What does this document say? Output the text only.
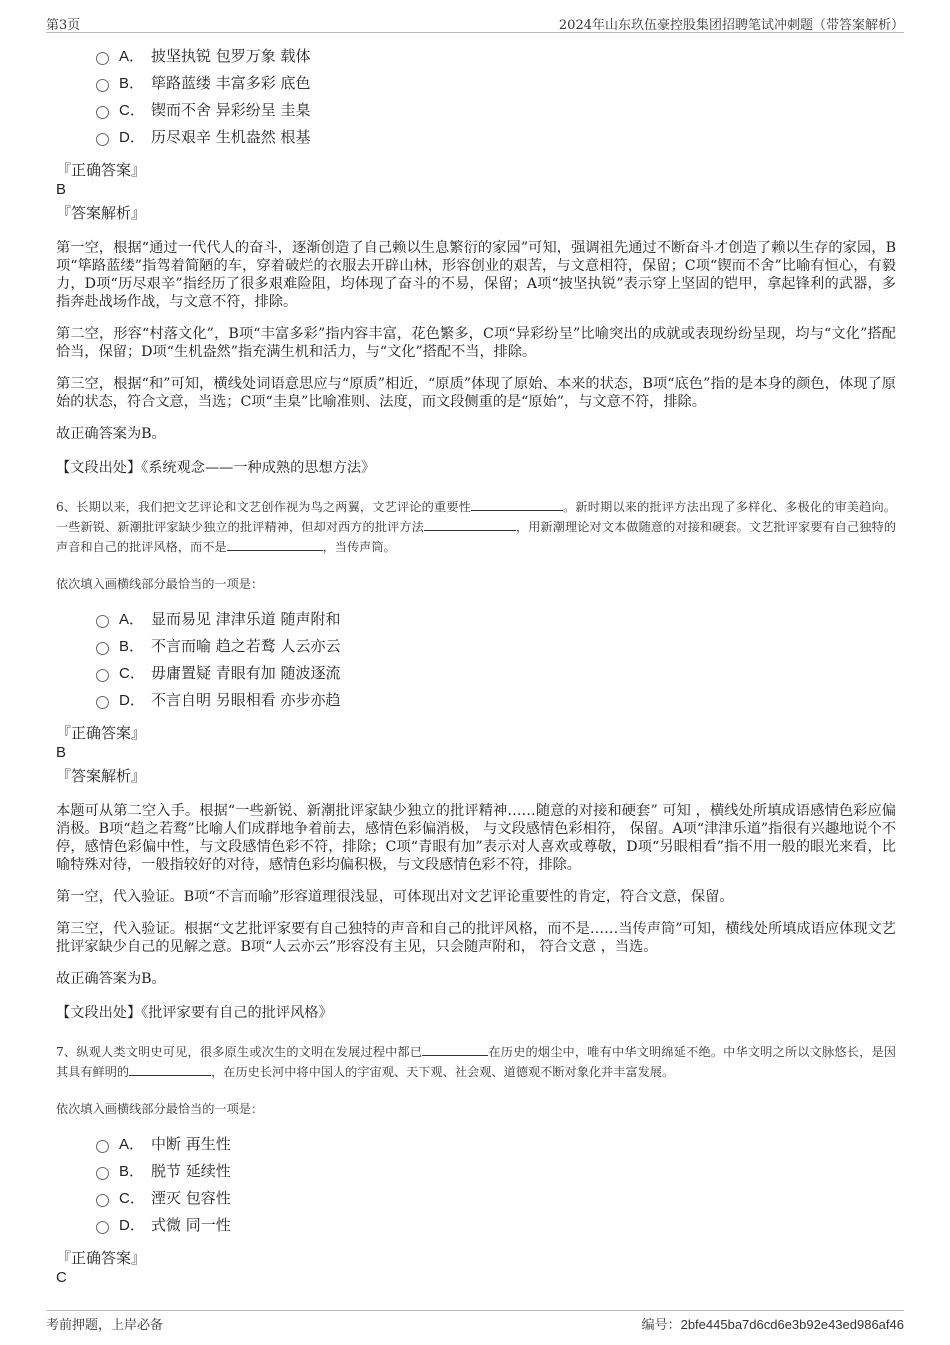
第3页	2024年山东玖伍豪控股集团招聘笔试冲刺题（带答案解析）
A． 披坚执锐 包罗万象 载体
B． 筚路蓝缕 丰富多彩 底色
C． 锲而不舍 异彩纷呈 圭臬
D． 历尽艰辛 生机盎然 根基
『正确答案』
B
『答案解析』
第一空，根据“通过一代代人的奋斗，逐渐创造了自己赖以生息繁衍的家园”可知，强调祖先通过不断奋斗才创造了赖以生存的家园，B项“筚路蓝缕”指驾着简陋的车，穿着破烂的衣服去开辟山林，形容创业的艰苦，与文意相符，保留；C项“锲而不舍”比喻有恒心，有毅力，D项“历尽艰辛”指经历了很多艰难险阻，均体现了奋斗的不易，保留；A项“披坚执锐”表示穿上坚固的铠甲，拿起锋利的武器，多指奔赴战场作战，与文意不符，排除。
第二空，形容“村落文化”，B项“丰富多彩”指内容丰富，花色繁多，C项“异彩纷呈”比喻突出的成就或表现纷纷呈现，均与“文化”搭配恰当，保留；D项“生机盎然”指充满生机和活力，与“文化”搭配不当，排除。
第三空，根据“和”可知，横线处词语意思应与“原质”相近，“原质”体现了原始、本来的状态，B项“底色”指的是本身的颜色，体现了原始的状态，符合文意，当选；C项“圭臬”比喻准则、法度，而文段侧重的是“原始”，与文意不符，排除。
故正确答案为B。
【文段出处】《系统观念——一种成熟的思想方法》
6、长期以来，我们把文艺评论和文艺创作视为鸟之两翼，文艺评论的重要性	。新时期以来的批评方法出现了多样化、多极化的审美趋向。一些新锐、新潮批评家缺少独立的批评精神，但却对西方的批评方法	，用新潮理论对文本做随意的对接和硬套。文艺批评家要有自己独特的声音和自己的批评风格，而不是	，当传声筒。
依次填入画横线部分最恰当的一项是：
A． 显而易见 津津乐道 随声附和
B． 不言而喻 趋之若鹜 人云亦云
C． 毋庸置疑 青眼有加 随波逐流
D． 不言自明 另眼相看 亦步亦趋
『正确答案』
B
『答案解析』
本题可从第二空入手。根据“一些新锐、新潮批评家缺少独立的批评精神……随意的对接和硬套” 可知 ，横线处所填成语感情色彩应偏消极。B项“趋之若鹜”比喻人们成群地争着前去，感情色彩偏消极， 与文段感情色彩相符， 保留。A项“津津乐道”指很有兴趣地说个不停，感情色彩偏中性，与文段感情色彩不符，排除；C项“青眼有加”表示对人喜欢或尊敬，D项“另眼相看”指不用一般的眼光来看，比喻特殊对待，一般指较好的对待，感情色彩均偏积极，与文段感情色彩不符，排除。
第一空，代入验证。B项“不言而喻”形容道理很浅显，可体现出对文艺评论重要性的肯定，符合文意，保留。
第三空，代入验证。根据“文艺批评家要有自己独特的声音和自己的批评风格，而不是……当传声筒”可知，横线处所填成语应体现文艺批评家缺少自己的见解之意。B项“人云亦云”形容没有主见，只会随声附和， 符合文意 ，当选。
故正确答案为B。
【文段出处】《批评家要有自己的批评风格》
7、纵观人类文明史可见，很多原生或次生的文明在发展过程中都已	在历史的烟尘中，唯有中华文明绵延不绝。中华文明之所以文脉悠长，是因其具有鲜明的	，在历史长河中将中国人的宇宙观、天下观、社会观、道德观不断对象化并丰富发展。
依次填入画横线部分最恰当的一项是：
A． 中断 再生性
B． 脱节 延续性
C． 湮灭 包容性
D． 式微 同一性
『正确答案』
C
考前押题，上岸必备	编号：2bfe445ba7d6cd6e3b92e43ed986af46
